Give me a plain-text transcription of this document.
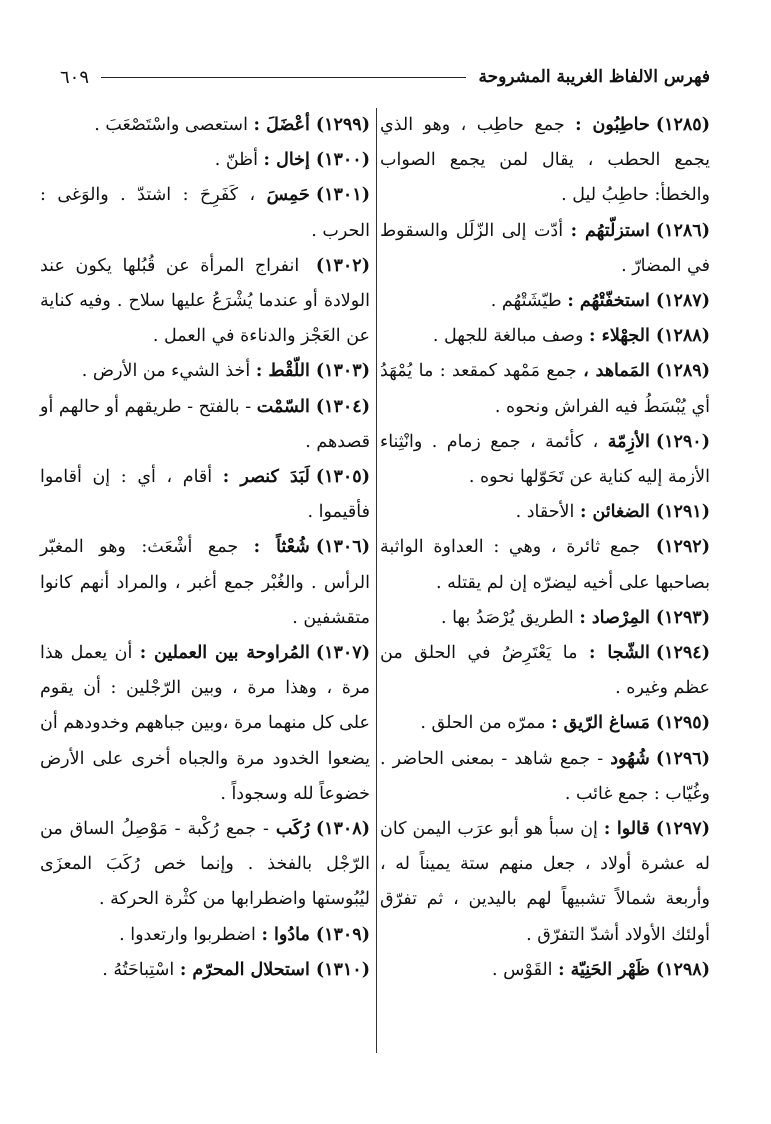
فهرس الالفاظ الغريبة المشروحة
٦٠٩
(١٢٨٥)حاطِبُون : جمع حاطِب ، وهو الذي يجمع الحطب ، يقال لمن يجمع الصواب والخطأ: حاطِبُ ليل .
(١٢٨٦)استزلّتهُم : أدّت إلى الزّلَل والسقوط في المضارّ .
(١٢٨٧)استخفّتْهُم : طيّشَتْهُم .
(١٢٨٨)الجهْلاء : وصف مبالغة للجهل .
(١٢٨٩)المَماهد ، جمع مَمْهد كمقعد : ما يُمْهَدُ أي يُبْسَطُ فيه الفراش ونحوه .
(١٢٩٠)الأزِمّة ، كأئمة ، جمع زمام . وانْثِناء الأزمة إليه كناية عن تَحَوّلها نحوه .
(١٢٩١)الضغائن : الأحقاد .
(١٢٩٢) جمع ثائرة ، وهي : العداوة الواثبة بصاحبها على أخيه ليضرّه إن لم يقتله .
(١٢٩٣)المِرْصاد : الطريق يُرْصَدُ بها .
(١٢٩٤)الشّجا : ما يَعْتَرِضُ في الحلق من عظم وغيره .
(١٢٩٥)مَساغ الرّيق : ممرّه من الحلق .
(١٢٩٦)شُهُود - جمع شاهد - بمعنى الحاضر . وغُيّاب : جمع غائب .
(١٢٩٧)قالوا : إن سبأ هو أبو عرَب اليمن كان له عشرة أولاد ، جعل منهم ستة يميناً له ، وأربعة شمالاً تشبيهاً لهم باليدين ، ثم تفرّق أولئك الأولاد أشدّ التفرّق .
(١٢٩٨)ظَهْر الحَنِيّة : القَوْس .
(١٢٩٩)أعْضَلَ : استعصى واسْتَصْعَبَ .
(١٣٠٠)إخال : أظنّ .
(١٣٠١)حَمِسَ ، كَفَرِحَ : اشتدّ . والوَغى : الحرب .
(١٣٠٢) انفراج المرأة عن قُبُلها يكون عند الولادة أو عندما يُشْرَعُ عليها سلاح . وفيه كناية عن العَجْز والدناءة في العمل .
(١٣٠٣)اللّقْط : أخذ الشيء من الأرض .
(١٣٠٤)السّمْت - بالفتح - طريقهم أو حالهم أو قصدهم .
(١٣٠٥)لَبَدَ كنصر : أقام ، أي : إن أقاموا فأقيموا .
(١٣٠٦)شُعْثاً : جمع أشْعَث: وهو المغبّر الرأس . والغُبْر جمع أغبر ، والمراد أنهم كانوا متقشفين .
(١٣٠٧)المُراوحة بين العملين : أن يعمل هذا مرة ، وهذا مرة ، وبين الرّجْلين : أن يقوم على كل منهما مرة ،وبين جباههم وخدودهم أن يضعوا الخدود مرة والجباه أخرى على الأرض خضوعاً لله وسجوداً .
(١٣٠٨)رُكَب - جمع رُكْبة - مَوْصِلُ الساق من الرّجْل بالفخذ . وإنما خص رُكَبَ المعزَى ليُبُوستها واضطرابها من كثْرة الحركة .
(١٣٠٩)مادُوا : اضطربوا وارتعدوا .
(١٣١٠)استحلال المحرّم : اسْتِباحَتُهُ .
